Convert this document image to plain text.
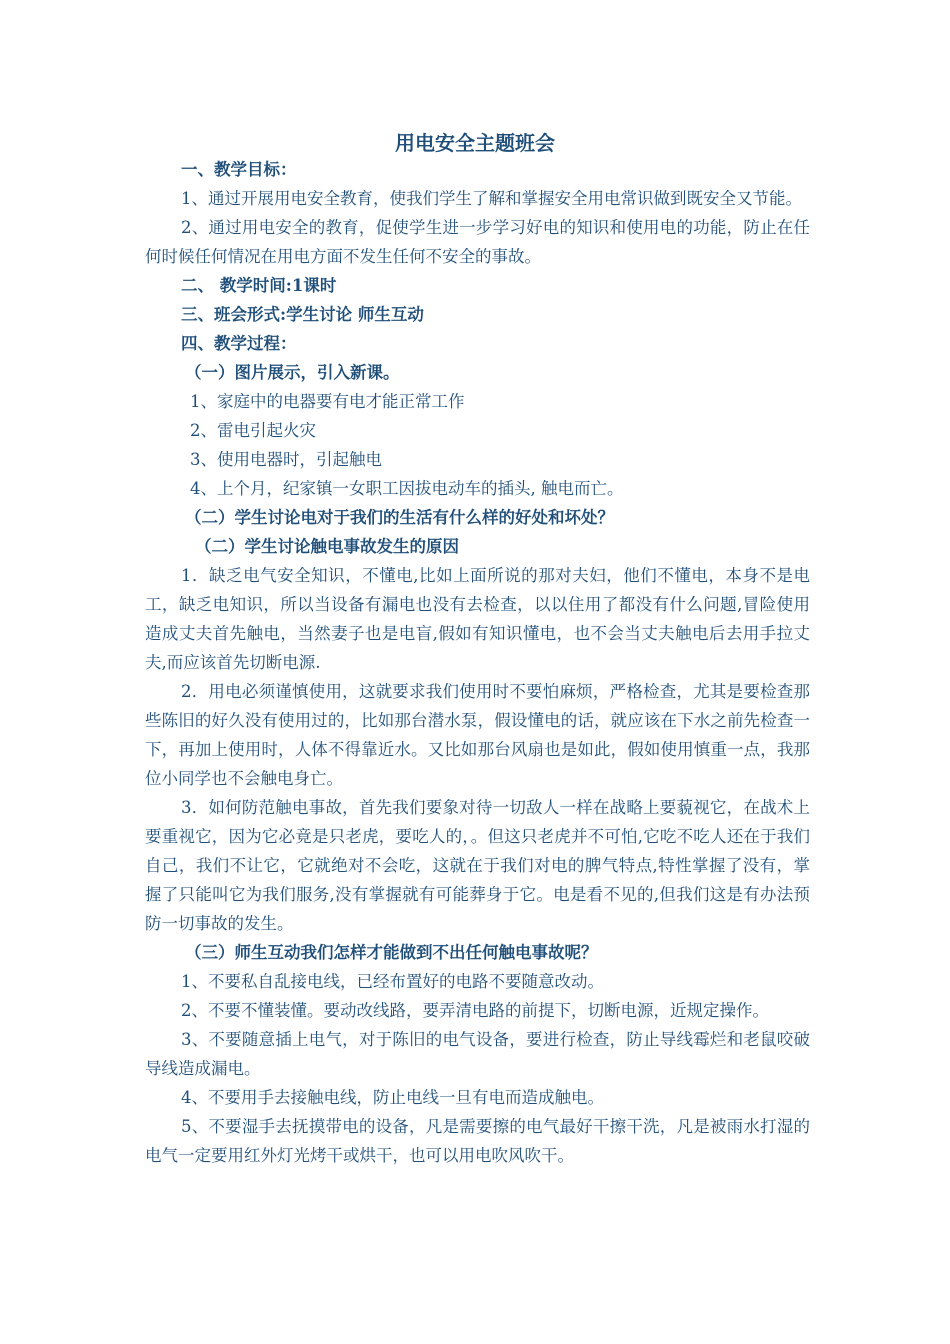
用电安全主题班会
一、教学目标：

1、通过开展用电安全教育，使我们学生了解和掌握安全用电常识做到既安全又节能。

2、通过用电安全的教育，促使学生进一步学习好电的知识和使用电的功能，防止在任何时候任何情况在用电方面不发生任何不安全的事故。

二、 教学时间:1课时
三、班会形式:学生讨论 师生互动
四、教学过程：
（一）图片展示，引入新课。
1、家庭中的电器要有电才能正常工作
2、雷电引起火灾
3、使用电器时，引起触电
4、上个月，纪家镇一女职工因拔电动车的插头, 触电而亡。
（二）学生讨论电对于我们的生活有什么样的好处和坏处？
（二）学生讨论触电事故发生的原因

1．缺乏电气安全知识，不懂电,比如上面所说的那对夫妇，他们不懂电，本身不是电工，缺乏电知识，所以当设备有漏电也没有去检查，以以住用了都没有什么问题,冒险使用造成丈夫首先触电，当然妻子也是电盲,假如有知识懂电，也不会当丈夫触电后去用手拉丈夫,而应该首先切断电源.

2．用电必须谨慎使用，这就要求我们使用时不要怕麻烦，严格检查，尤其是要检查那些陈旧的好久没有使用过的，比如那台潜水泵，假设懂电的话，就应该在下水之前先检查一下，再加上使用时，人体不得靠近水。又比如那台风扇也是如此，假如使用慎重一点，我那位小同学也不会触电身亡。

3．如何防范触电事故，首先我们要象对待一切敌人一样在战略上要藐视它，在战术上要重视它，因为它必竟是只老虎，要吃人的，。但这只老虎并不可怕,它吃不吃人还在于我们自己，我们不让它，它就绝对不会吃，这就在于我们对电的脾气特点,特性掌握了没有，掌握了只能叫它为我们服务,没有掌握就有可能葬身于它。电是看不见的,但我们这是有办法预防一切事故的发生。

（三）师生互动我们怎样才能做到不出任何触电事故呢？

1、不要私自乱接电线，已经布置好的电路不要随意改动。

2、不要不懂装懂。要动改线路，要弄清电路的前提下，切断电源，近规定操作。

3、不要随意插上电气，对于陈旧的电气设备，要进行检查，防止导线霉烂和老鼠咬破导线造成漏电。

4、不要用手去接触电线，防止电线一旦有电而造成触电。

5、不要湿手去抚摸带电的设备，凡是需要擦的电气最好干擦干洗，凡是被雨水打湿的电气一定要用红外灯光烤干或烘干，也可以用电吹风吹干。
